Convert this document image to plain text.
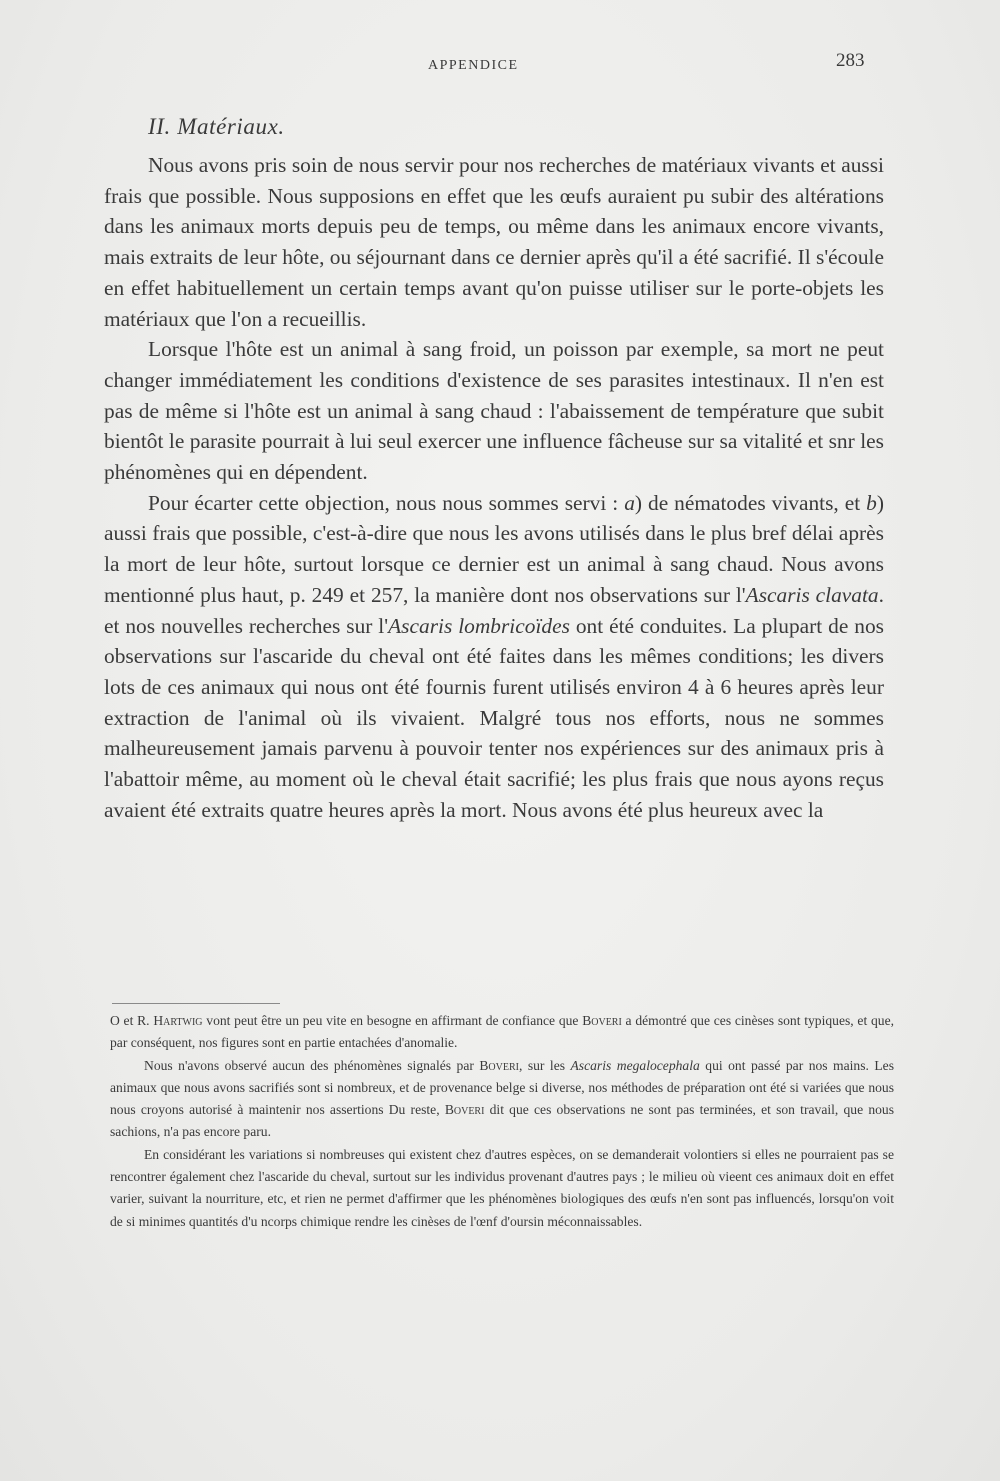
APPENDICE	283
II. Matériaux.

Nous avons pris soin de nous servir pour nos recherches de matériaux vivants et aussi frais que possible. Nous supposions en effet que les œufs auraient pu subir des altérations dans les animaux morts depuis peu de temps, ou même dans les animaux encore vivants, mais extraits de leur hôte, ou séjournant dans ce dernier après qu'il a été sacrifié. Il s'écoule en effet habituellement un certain temps avant qu'on puisse utiliser sur le porte-objets les matériaux que l'on a recueillis.

Lorsque l'hôte est un animal à sang froid, un poisson par exemple, sa mort ne peut changer immédiatement les conditions d'existence de ses parasites intestinaux. Il n'en est pas de même si l'hôte est un animal à sang chaud : l'abaissement de température que subit bientôt le parasite pourrait à lui seul exercer une influence fâcheuse sur sa vitalité et snr les phénomènes qui en dépendent.

Pour écarter cette objection, nous nous sommes servi : a) de nématodes vivants, et b) aussi frais que possible, c'est-à-dire que nous les avons utilisés dans le plus bref délai après la mort de leur hôte, surtout lorsque ce dernier est un animal à sang chaud. Nous avons mentionné plus haut, p. 249 et 257, la manière dont nos observations sur l'Ascaris clavata. et nos nouvelles recherches sur l'Ascaris lombricoïdes ont été conduites. La plupart de nos observations sur l'ascaride du cheval ont été faites dans les mêmes conditions; les divers lots de ces animaux qui nous ont été fournis furent utilisés environ 4 à 6 heures après leur extraction de l'animal où ils vivaient. Malgré tous nos efforts, nous ne sommes malheureusement jamais parvenu à pouvoir tenter nos expériences sur des animaux pris à l'abattoir même, au moment où le cheval était sacrifié; les plus frais que nous ayons reçus avaient été extraits quatre heures après la mort. Nous avons été plus heureux avec la

O et R. Hartwig vont peut être un peu vite en besogne en affirmant de confiance que Boveri a démontré que ces cinèses sont typiques, et que, par conséquent, nos figures sont en partie entachées d'anomalie.

Nous n'avons observé aucun des phénomènes signalés par Boveri, sur les Ascaris megalocephala qui ont passé par nos mains. Les animaux que nous avons sacrifiés sont si nombreux, et de provenance belge si diverse, nos méthodes de préparation ont été si variées que nous nous croyons autorisé à maintenir nos assertions Du reste, Boveri dit que ces observations ne sont pas terminées, et son travail, que nous sachions, n'a pas encore paru.

En considérant les variations si nombreuses qui existent chez d'autres espèces, on se demanderait volontiers si elles ne pourraient pas se rencontrer également chez l'ascaride du cheval, surtout sur les individus provenant d'autres pays ; le milieu où vieent ces animaux doit en effet varier, suivant la nourriture, etc, et rien ne permet d'affirmer que les phénomènes biologiques des œufs n'en sont pas influencés, lorsqu'on voit de si minimes quantités d'u ncorps chimique rendre les cinèses de l'œnf d'oursin méconnaissables.
